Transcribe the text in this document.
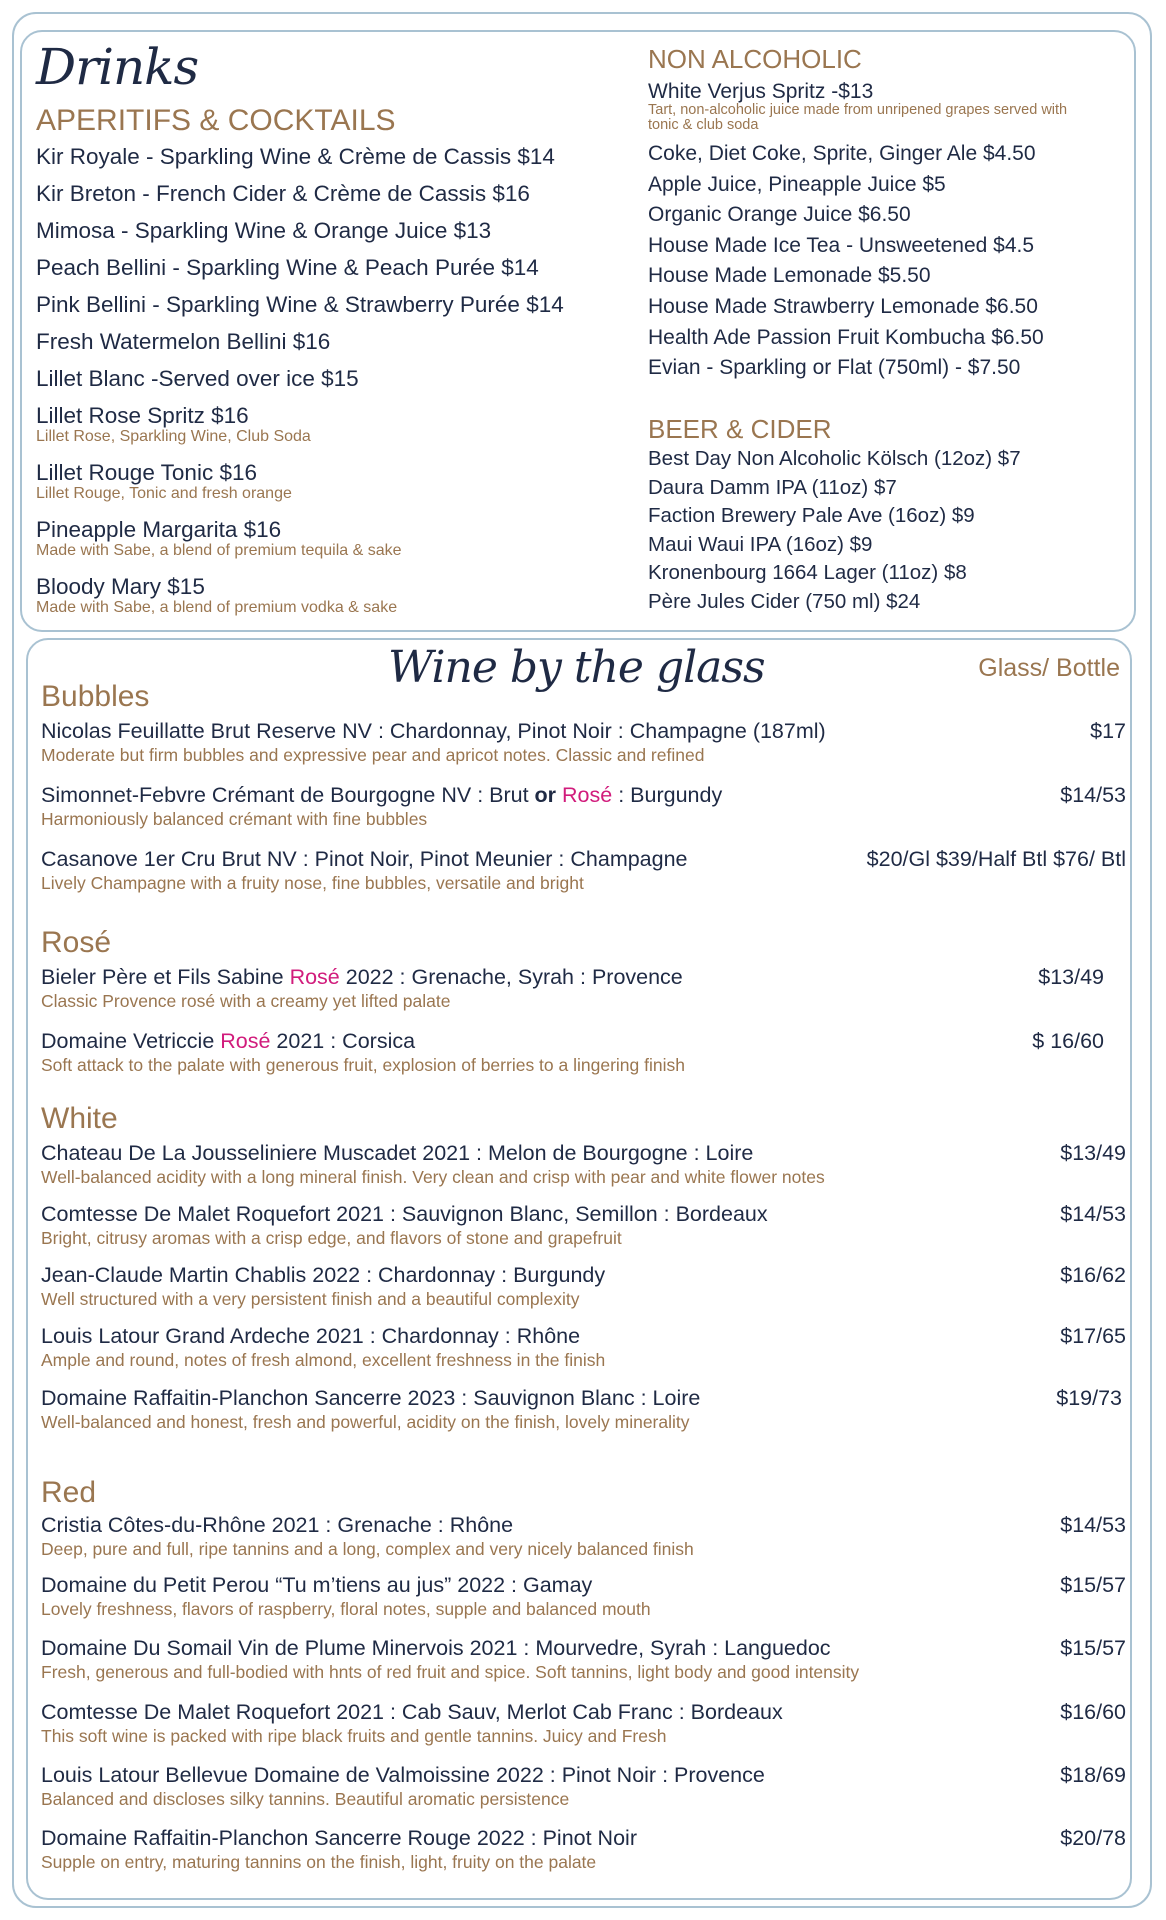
Drinks
APERITIFS & COCKTAILS
Kir Royale - Sparkling Wine & Crème de Cassis $14
Kir Breton - French Cider & Crème de Cassis $16
Mimosa - Sparkling Wine & Orange Juice $13
Peach Bellini - Sparkling Wine & Peach Purée $14
Pink Bellini - Sparkling Wine & Strawberry Purée $14
Fresh Watermelon Bellini $16
Lillet Blanc -Served over ice $15
Lillet Rose Spritz $16
Lillet Rose, Sparkling Wine, Club Soda
Lillet Rouge Tonic $16
Lillet Rouge, Tonic and fresh orange
Pineapple Margarita $16
Made with Sabe, a blend of premium tequila & sake
Bloody Mary $15
Made with Sabe, a blend of premium vodka & sake
NON ALCOHOLIC
White Verjus Spritz -$13
Tart, non-alcoholic juice made from unripened grapes served with tonic & club soda
Coke, Diet Coke, Sprite, Ginger Ale $4.50
Apple Juice, Pineapple Juice $5
Organic Orange Juice $6.50
House Made Ice Tea - Unsweetened $4.5
House Made Lemonade $5.50
House Made Strawberry Lemonade $6.50
Health Ade Passion Fruit Kombucha $6.50
Evian - Sparkling or Flat (750ml) - $7.50
BEER & CIDER
Best Day Non Alcoholic Kölsch (12oz) $7
Daura Damm IPA (11oz) $7
Faction Brewery Pale Ave (16oz) $9
Maui Waui IPA (16oz) $9
Kronenbourg 1664 Lager (11oz) $8
Père Jules Cider (750 ml) $24
Wine by the glass	Glass/ Bottle
Bubbles
Nicolas Feuillatte Brut Reserve NV : Chardonnay, Pinot Noir : Champagne (187ml)	$17
Moderate but firm bubbles and expressive pear and apricot notes. Classic and refined
Simonnet-Febvre Crémant de Bourgogne NV : Brut or Rosé : Burgundy	$14/53
Harmoniously balanced crémant with fine bubbles
Casanove 1er Cru Brut NV : Pinot Noir, Pinot Meunier : Champagne	$20/Gl $39/Half Btl $76/ Btl
Lively Champagne with a fruity nose, fine bubbles, versatile and bright
Rosé
Bieler Père et Fils Sabine Rosé 2022 : Grenache, Syrah : Provence	$13/49
Classic Provence rosé with a creamy yet lifted palate
Domaine Vetriccie Rosé 2021 : Corsica	$ 16/60
Soft attack to the palate with generous fruit, explosion of berries to a lingering finish
White
Chateau De La Jousseliniere Muscadet 2021 : Melon de Bourgogne : Loire	$13/49
Well-balanced acidity with a long mineral finish. Very clean and crisp with pear and white flower notes
Comtesse De Malet Roquefort 2021 : Sauvignon Blanc, Semillon : Bordeaux	$14/53
Bright, citrusy aromas with a crisp edge, and flavors of stone and grapefruit
Jean-Claude Martin Chablis 2022 : Chardonnay : Burgundy	$16/62
Well structured with a very persistent finish and a beautiful complexity
Louis Latour Grand Ardeche 2021 : Chardonnay : Rhône	$17/65
Ample and round, notes of fresh almond, excellent freshness in the finish
Domaine Raffaitin-Planchon Sancerre 2023 : Sauvignon Blanc : Loire	$19/73
Well-balanced and honest, fresh and powerful, acidity on the finish, lovely minerality
Red
Cristia Côtes-du-Rhône 2021 : Grenache : Rhône	$14/53
Deep, pure and full, ripe tannins and a long, complex and very nicely balanced finish
Domaine du Petit Perou “Tu m’tiens au jus” 2022 : Gamay	$15/57
Lovely freshness, flavors of raspberry, floral notes, supple and balanced mouth
Domaine Du Somail Vin de Plume Minervois 2021 : Mourvedre, Syrah : Languedoc	$15/57
Fresh, generous and full-bodied with hnts of red fruit and spice. Soft tannins, light body and good intensity
Comtesse De Malet Roquefort 2021 : Cab Sauv, Merlot Cab Franc : Bordeaux	$16/60
This soft wine is packed with ripe black fruits and gentle tannins. Juicy and Fresh
Louis Latour Bellevue Domaine de Valmoissine 2022 : Pinot Noir : Provence	$18/69
Balanced and discloses silky tannins. Beautiful aromatic persistence
Domaine Raffaitin-Planchon Sancerre Rouge 2022 : Pinot Noir	$20/78
Supple on entry, maturing tannins on the finish, light, fruity on the palate
